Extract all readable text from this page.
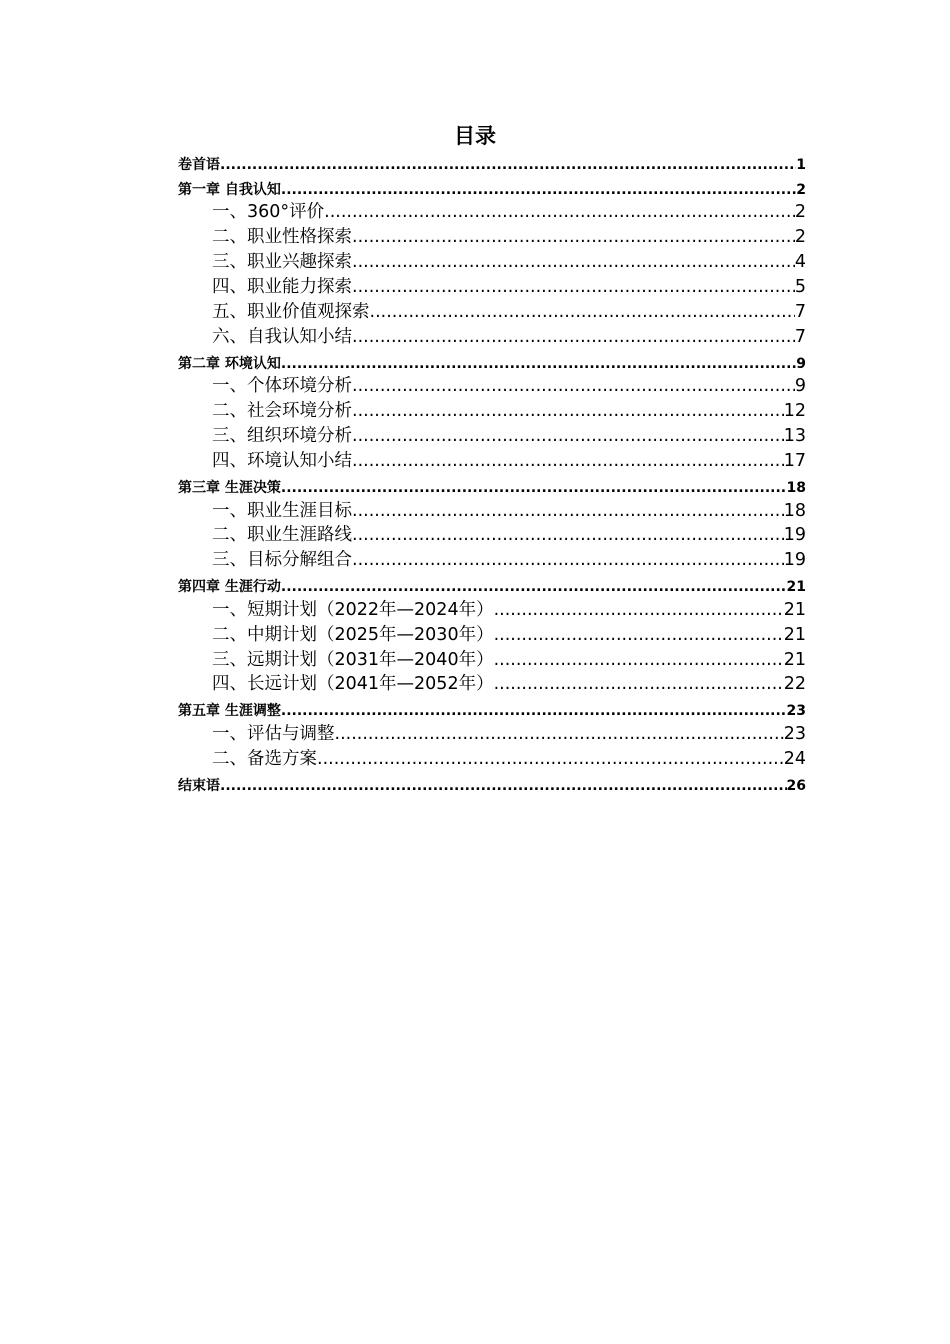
目录
卷首语 .....	1
第一章 自我认知 .....	2
一、360°评价 .....	2
二、职业性格探索 .....	2
三、职业兴趣探索 .....	4
四、职业能力探索 .....	5
五、职业价值观探索 .....	7
六、自我认知小结 .....	7
第二章 环境认知 .....	9
一、个体环境分析 .....	9
二、社会环境分析 .....	12
三、组织环境分析 .....	13
四、环境认知小结 .....	17
第三章 生涯决策 .....	18
一、职业生涯目标 .....	18
二、职业生涯路线 .....	19
三、目标分解组合 .....	19
第四章 生涯行动 .....	21
一、短期计划（2022年—2024年） .....	21
二、中期计划（2025年—2030年） .....	21
三、远期计划（2031年—2040年） .....	21
四、长远计划（2041年—2052年） .....	22
第五章 生涯调整 .....	23
一、评估与调整 .....	23
二、备选方案 .....	24
结束语 .....	26
